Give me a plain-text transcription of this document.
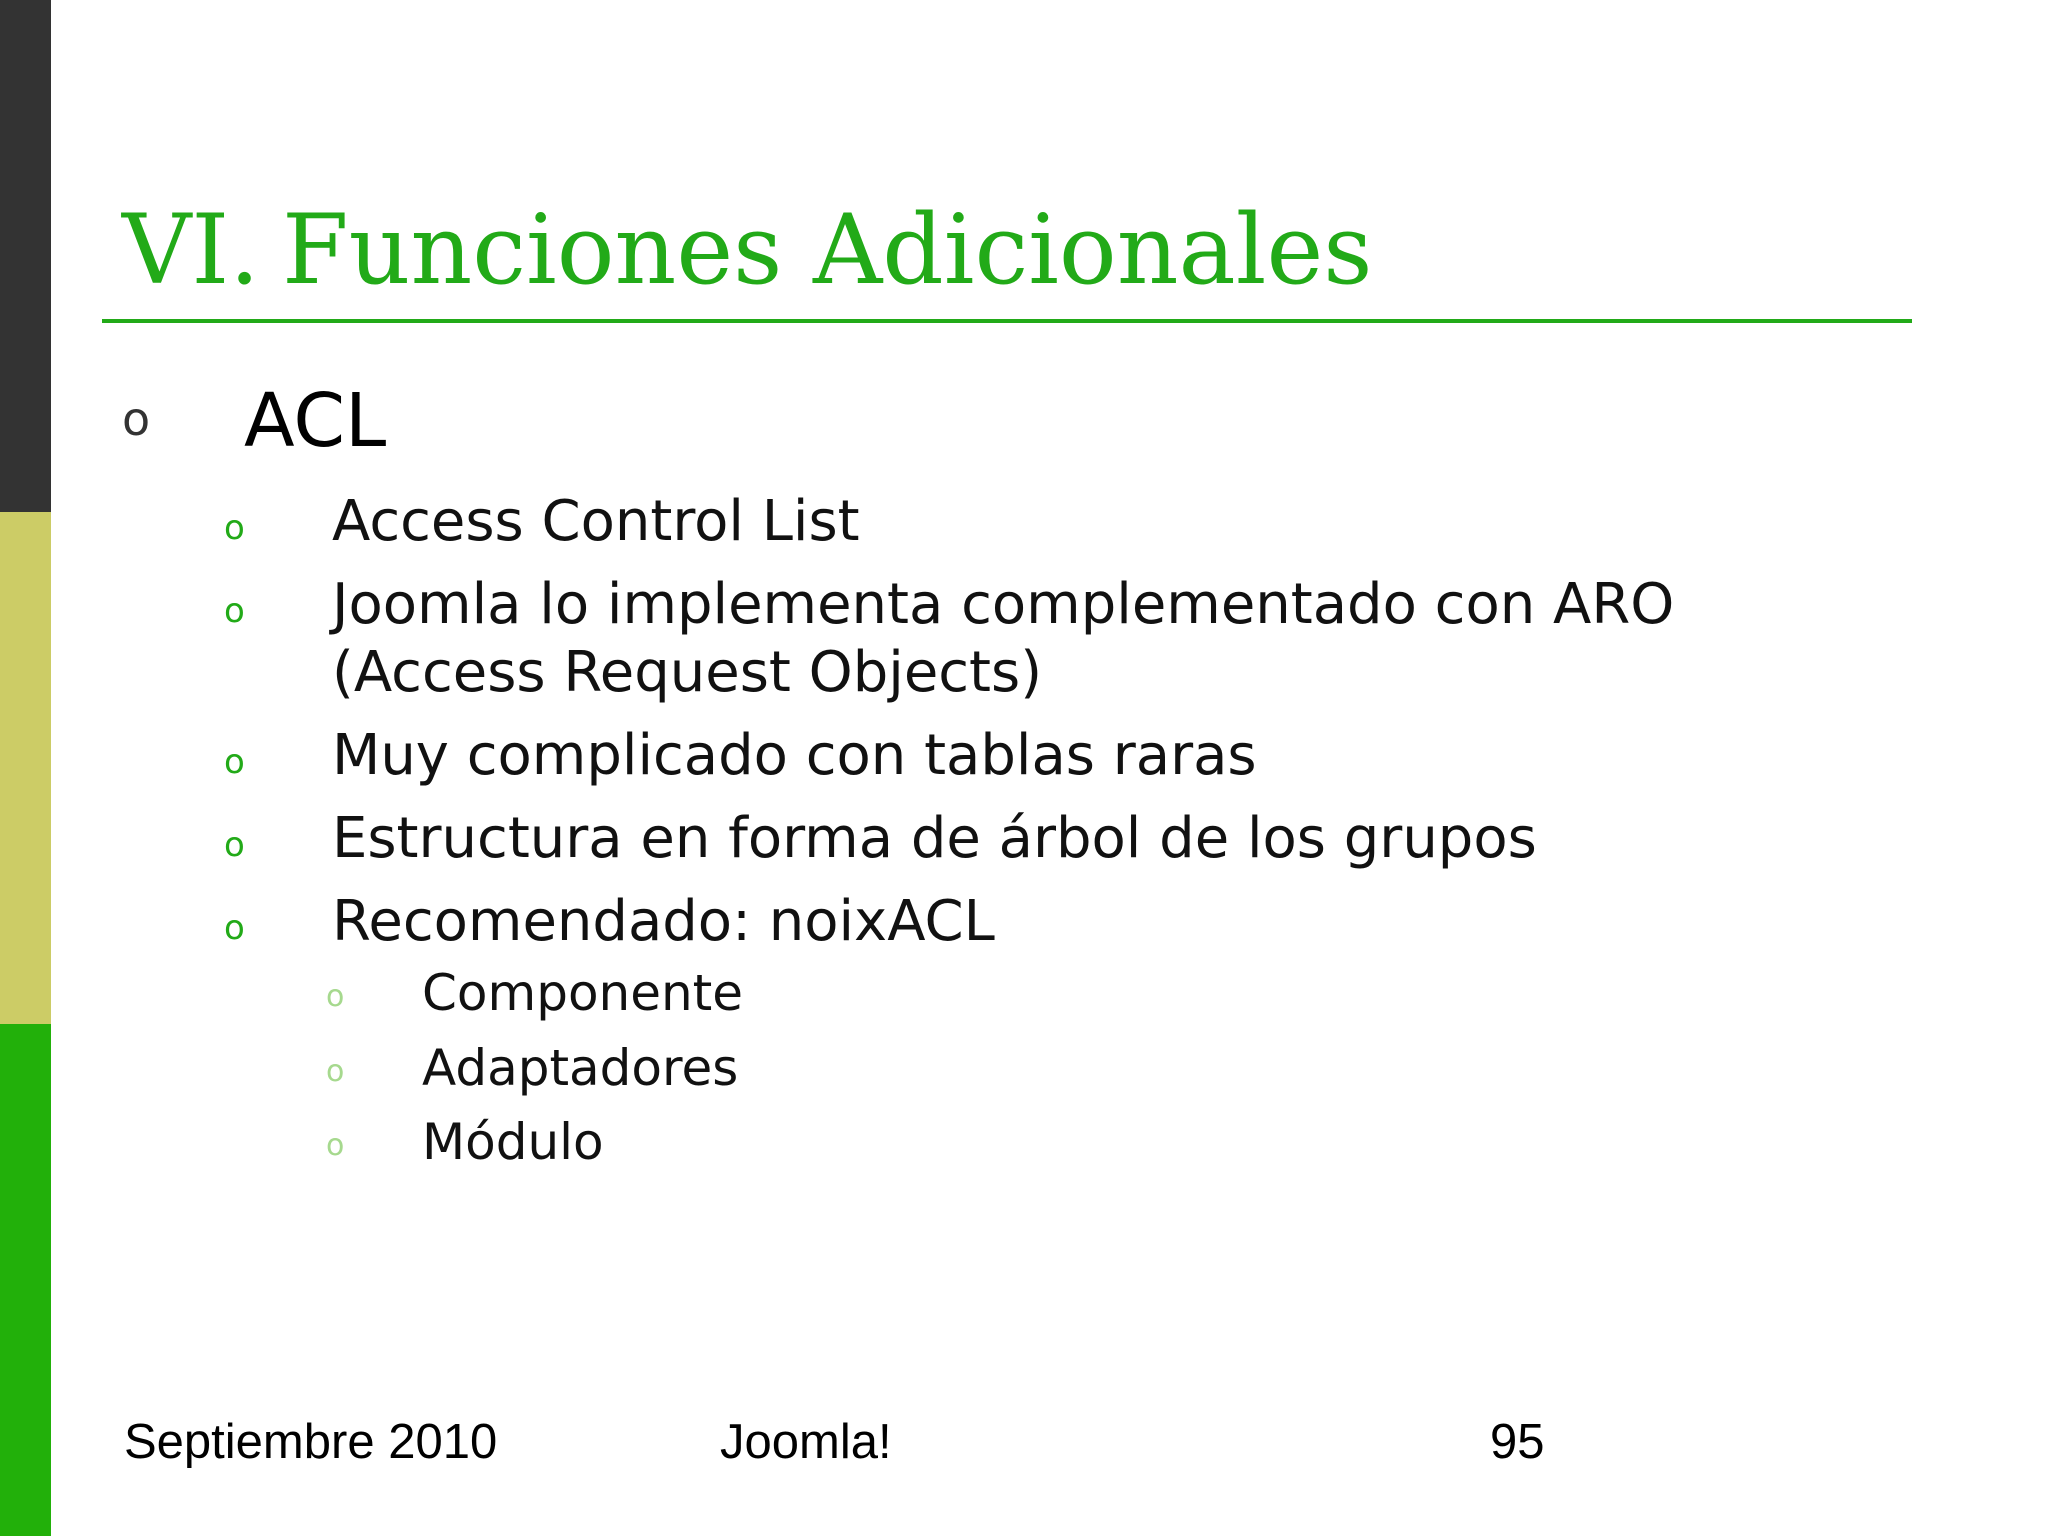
VI. Funciones Adicionales
o ACL
o Access Control List
o Joomla lo implementa complementado con ARO (Access Request Objects)
o Muy complicado con tablas raras
o Estructura en forma de árbol de los grupos
o Recomendado: noixACL
o Componente
o Adaptadores
o Módulo
Septiembre 2010	Joomla!	95
